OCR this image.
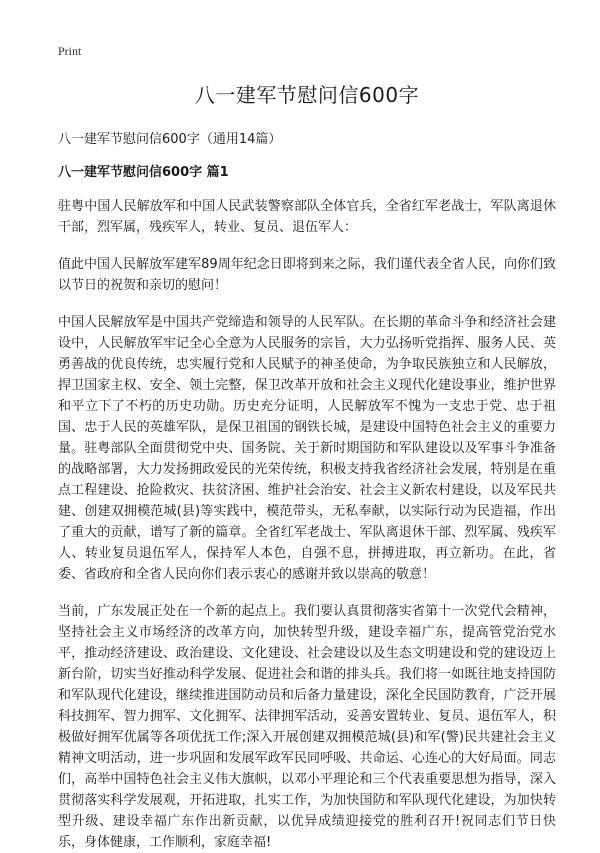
Print
八一建军节慰问信600字
八一建军节慰问信600字（通用14篇）
八一建军节慰问信600字 篇1

驻粤中国人民解放军和中国人民武装警察部队全体官兵，全省红军老战士，军队离退休干部，烈军属，残疾军人，转业、复员、退伍军人：

值此中国人民解放军建军89周年纪念日即将到来之际，我们谨代表全省人民，向你们致以节日的祝贺和亲切的慰问！

中国人民解放军是中国共产党缔造和领导的人民军队。在长期的革命斗争和经济社会建设中，人民解放军牢记全心全意为人民服务的宗旨，大力弘扬听党指挥、服务人民、英勇善战的优良传统，忠实履行党和人民赋予的神圣使命，为争取民族独立和人民解放，捍卫国家主权、安全、领土完整，保卫改革开放和社会主义现代化建设事业，维护世界和平立下了不朽的历史功勋。历史充分证明，人民解放军不愧为一支忠于党、忠于祖国、忠于人民的英雄军队，是保卫祖国的钢铁长城，是建设中国特色社会主义的重要力量。驻粤部队全面贯彻党中央、国务院、关于新时期国防和军队建设以及军事斗争准备的战略部署，大力发扬拥政爱民的光荣传统，积极支持我省经济社会发展，特别是在重点工程建设、抢险救灾、扶贫济困、维护社会治安、社会主义新农村建设，以及军民共建、创建双拥模范城(县)等实践中，模范带头，无私奉献，以实际行动为民造福，作出了重大的贡献，谱写了新的篇章。全省红军老战士、军队离退休干部、烈军属、残疾军人、转业复员退伍军人，保持军人本色，自强不息，拼搏进取，再立新功。在此，省委、省政府和全省人民向你们表示衷心的感谢并致以崇高的敬意！

当前，广东发展正处在一个新的起点上。我们要认真贯彻落实省第十一次党代会精神，坚持社会主义市场经济的改革方向，加快转型升级，建设幸福广东，提高管党治党水平，推动经济建设、政治建设、文化建设、社会建设以及生态文明建设和党的建设迈上新台阶，切实当好推动科学发展、促进社会和谐的排头兵。我们将一如既往地支持国防和军队现代化建设，继续推进国防动员和后备力量建设，深化全民国防教育，广泛开展科技拥军、智力拥军、文化拥军、法律拥军活动，妥善安置转业、复员、退伍军人，积极做好拥军优属等各项优抚工作;深入开展创建双拥模范城(县)和军(警)民共建社会主义精神文明活动，进一步巩固和发展军政军民同呼吸、共命运、心连心的大好局面。同志们，高举中国特色社会主义伟大旗帜，以邓小平理论和三个代表重要思想为指导，深入贯彻落实科学发展观，开拓进取，扎实工作，为加快国防和军队现代化建设，为加快转型升级、建设幸福广东作出新贡献，以优异成绩迎接党的胜利召开!祝同志们节日快乐，身体健康，工作顺利，家庭幸福!
